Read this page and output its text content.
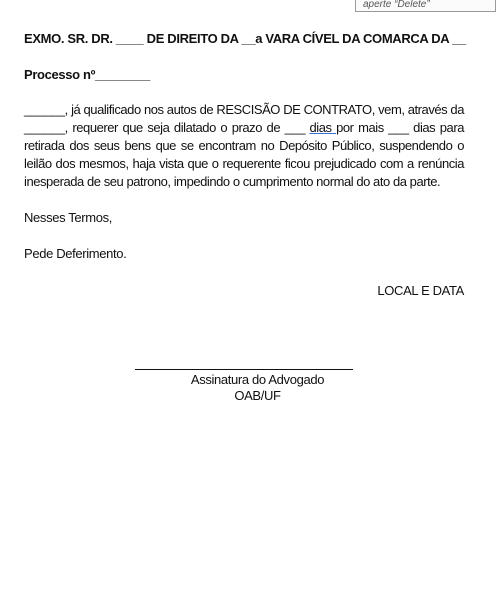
aperte “Delete”
EXMO. SR. DR. ____ DE DIREITO DA __a VARA CÍVEL DA COMARCA DA __
Processo nº________
______, já qualificado nos autos de RESCISÃO DE CONTRATO, vem, através da ______, requerer que seja dilatado o prazo de ___ dias por mais ___ dias para retirada dos seus bens que se encontram no Depósito Público, suspendendo o leilão dos mesmos, haja vista que o requerente ficou prejudicado com a renúncia inesperada de seu patrono, impedindo o cumprimento normal do ato da parte.
Nesses Termos,
Pede Deferimento.
LOCAL E DATA
Assinatura do Advogado
OAB/UF
